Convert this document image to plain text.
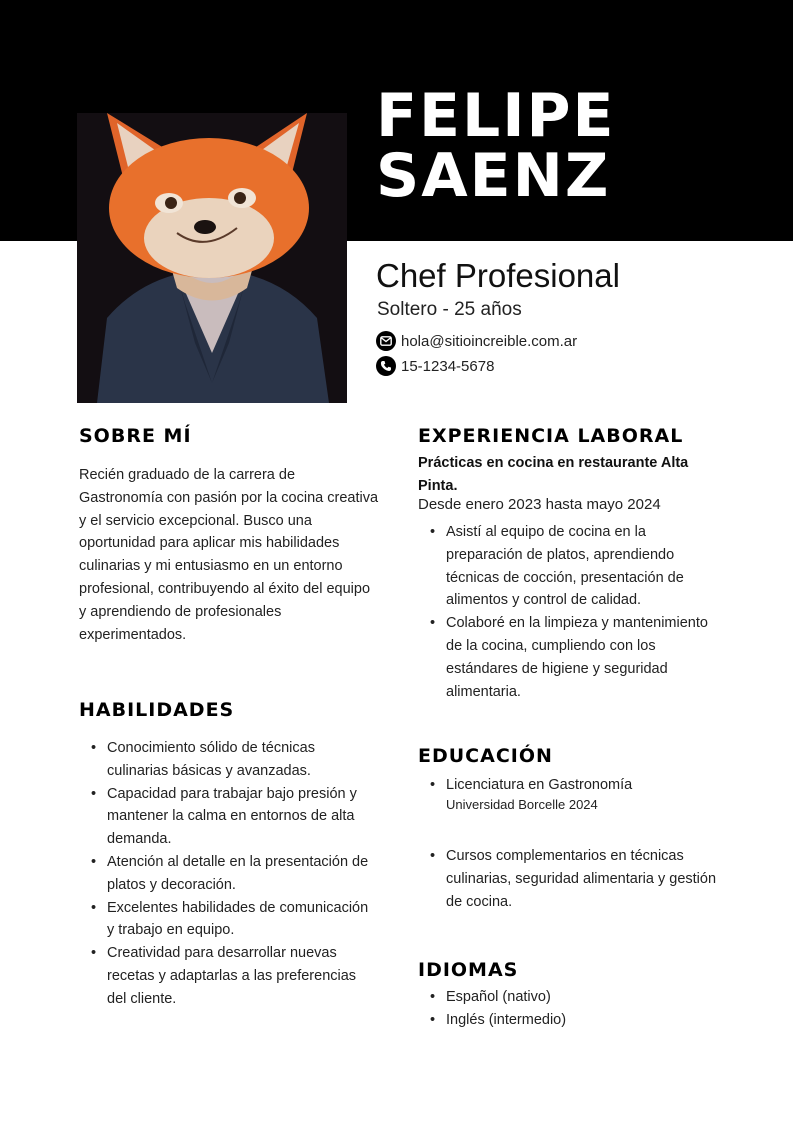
FELIPE
SAENZ
Chef Profesional
Soltero - 25 años
hola@sitioincreible.com.ar
15-1234-5678
SOBRE MÍ
Recién graduado de la carrera de Gastronomía con pasión por la cocina creativa y el servicio excepcional. Busco una oportunidad para aplicar mis habilidades culinarias y mi entusiasmo en un entorno profesional, contribuyendo al éxito del equipo y aprendiendo de profesionales experimentados.
HABILIDADES
• Conocimiento sólido de técnicas culinarias básicas y avanzadas.
• Capacidad para trabajar bajo presión y mantener la calma en entornos de alta demanda.
• Atención al detalle en la presentación de platos y decoración.
• Excelentes habilidades de comunicación y trabajo en equipo.
• Creatividad para desarrollar nuevas recetas y adaptarlas a las preferencias del cliente.
EXPERIENCIA LABORAL
Prácticas en cocina en restaurante Alta Pinta.
Desde enero 2023 hasta mayo 2024
• Asistí al equipo de cocina en la preparación de platos, aprendiendo técnicas de cocción, presentación de alimentos y control de calidad.
• Colaboré en la limpieza y mantenimiento de la cocina, cumpliendo con los estándares de higiene y seguridad alimentaria.
EDUCACIÓN
• Licenciatura en Gastronomía
Universidad Borcelle 2024
• Cursos complementarios en técnicas culinarias, seguridad alimentaria y gestión de cocina.
IDIOMAS
• Español (nativo)
• Inglés (intermedio)
